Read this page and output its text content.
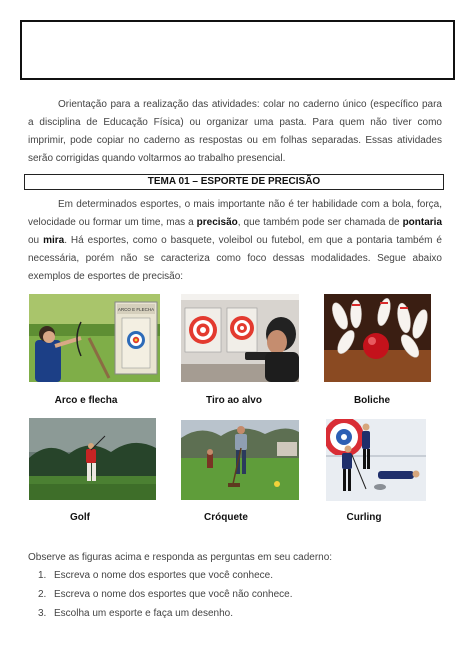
Orientação para a realização das atividades: colar no caderno único (específico para a disciplina de Educação Física) ou organizar uma pasta. Para quem não tiver como imprimir, pode copiar no caderno as respostas ou em folhas separadas. Essas atividades serão corrigidas quando voltarmos ao trabalho presencial.

TEMA 01 – ESPORTE DE PRECISÃO

Em determinados esportes, o mais importante não é ter habilidade com a bola, força, velocidade ou formar um time, mas a precisão, que também pode ser chamada de pontaria ou mira. Há esportes, como o basquete, voleibol ou futebol, em que a pontaria também é necessária, porém não se caracteriza como foco dessas modalidades. Segue abaixo exemplos de esportes de precisão:

ARCO E FLECHA
Arco e flecha	Tiro ao alvo	Boliche
Golf	Cróquete	Curling

Observe as figuras acima e responda as perguntas em seu caderno:

1. Escreva o nome dos esportes que você conhece.
2. Escreva o nome dos esportes que você não conhece.
3. Escolha um esporte e faça um desenho.
